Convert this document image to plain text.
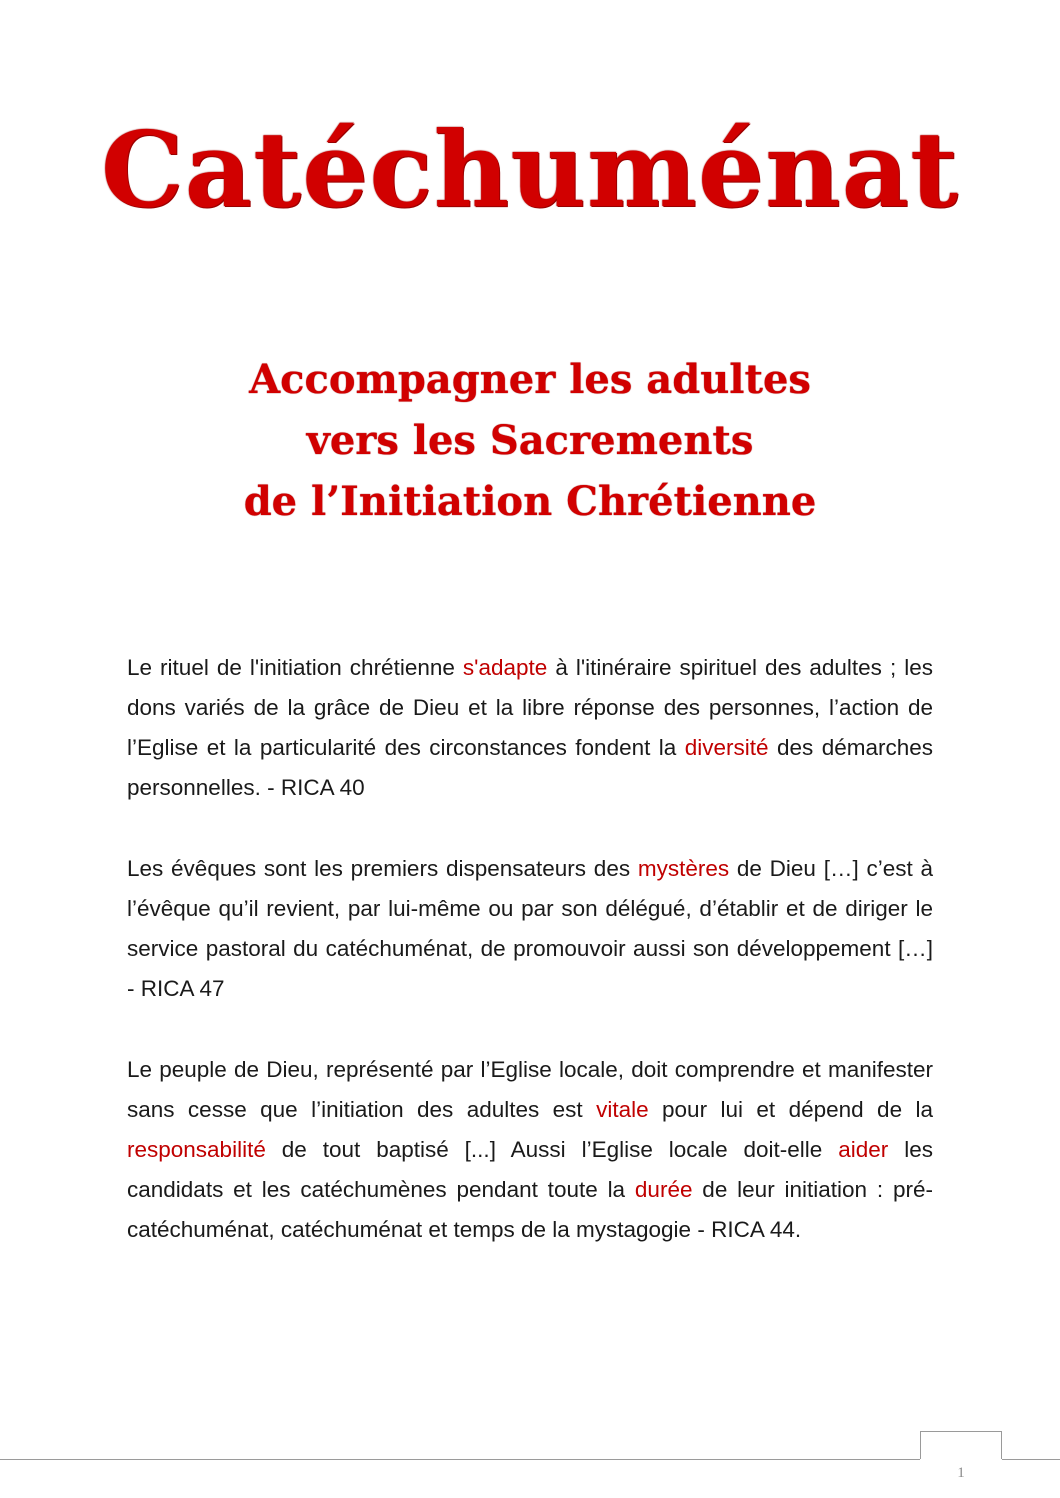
Catéchuménat
Accompagner les adultes
vers les Sacrements
de l’Initiation Chrétienne

Le rituel de l'initiation chrétienne s'adapte à l'itinéraire spirituel des adultes ; les dons variés de la grâce de Dieu et la libre réponse des personnes, l’action de l’Eglise et la particularité des circonstances fondent la diversité des démarches personnelles. - RICA 40

Les évêques sont les premiers dispensateurs des mystères de Dieu […] c’est à l’évêque qu’il revient, par lui-même ou par son délégué, d’établir et de diriger le service pastoral du catéchuménat, de promouvoir aussi son développement […] - RICA 47

Le peuple de Dieu, représenté par l’Eglise locale, doit comprendre et manifester sans cesse que l’initiation des adultes est vitale pour lui et dépend de la responsabilité de tout baptisé [...] Aussi l’Eglise locale doit-elle aider les candidats et les catéchumènes pendant toute la durée de leur initiation : pré-catéchuménat, catéchuménat et temps de la mystagogie - RICA 44.

1
